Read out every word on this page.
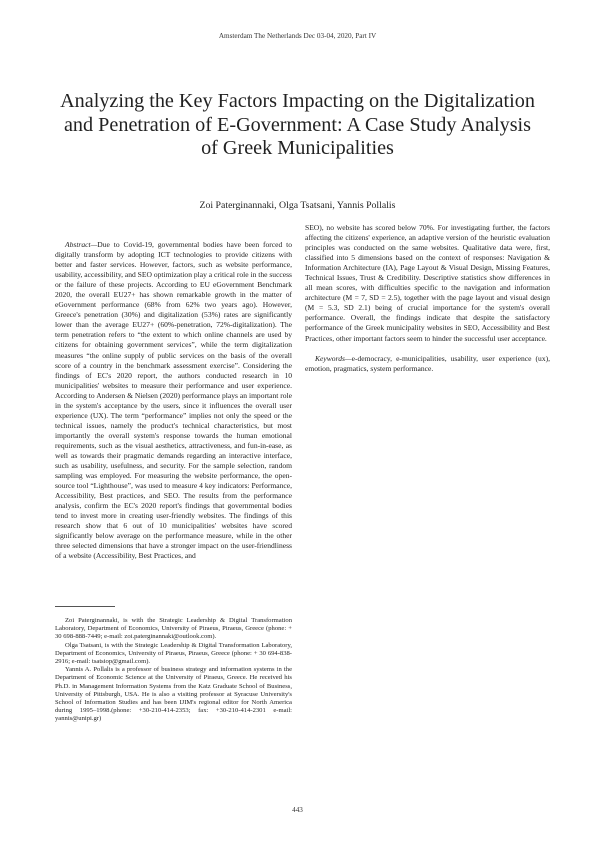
Amsterdam The Netherlands Dec 03-04, 2020, Part IV
Analyzing the Key Factors Impacting on the Digitalization and Penetration of E-Government: A Case Study Analysis of Greek Municipalities
Zoi Paterginannaki, Olga Tsatsani, Yannis Pollalis

Abstract—Due to Covid-19, governmental bodies have been forced to digitally transform by adopting ICT technologies to provide citizens with better and faster services. However, factors, such as website performance, usability, accessibility, and SEO optimization play a critical role in the success or the failure of these projects. According to EU eGovernment Benchmark 2020, the overall EU27+ has shown remarkable growth in the matter of eGovernment performance (68% from 62% two years ago). However, Greece's penetration (30%) and digitalization (53%) rates are significantly lower than the average EU27+ (60%-penetration, 72%-digitalization). The term penetration refers to “the extent to which online channels are used by citizens for obtaining government services”, while the term digitalization measures “the online supply of public services on the basis of the overall score of a country in the benchmark assessment exercise”. Considering the findings of EC's 2020 report, the authors conducted research in 10 municipalities' websites to measure their performance and user experience. According to Andersen & Nielsen (2020) performance plays an important role in the system's acceptance by the users, since it influences the overall user experience (UX). The term “performance” implies not only the speed or the technical issues, namely the product's technical characteristics, but most importantly the overall system's response towards the human emotional requirements, such as the visual aesthetics, attractiveness, and fun-in-ease, as well as towards their pragmatic demands regarding an interactive interface, such as usability, usefulness, and security. For the sample selection, random sampling was employed. For measuring the website performance, the open-source tool “Lighthouse”, was used to measure 4 key indicators: Performance, Accessibility, Best practices, and SEO. The results from the performance analysis, confirm the EC's 2020 report's findings that governmental bodies tend to invest more in creating user-friendly websites. The findings of this research show that 6 out of 10 municipalities' websites have scored significantly below average on the performance measure, while in the other three selected dimensions that have a stronger impact on the user-friendliness of a website (Accessibility, Best Practices, and

SEO), no website has scored below 70%. For investigating further, the factors affecting the citizens' experience, an adaptive version of the heuristic evaluation principles was conducted on the same websites. Qualitative data were, first, classified into 5 dimensions based on the context of responses: Navigation & Information Architecture (IA), Page Layout & Visual Design, Missing Features, Technical Issues, Trust & Credibility. Descriptive statistics show differences in all mean scores, with difficulties specific to the navigation and information architecture (M = 7, SD = 2.5), together with the page layout and visual design (M = 5.3, SD 2.1) being of crucial importance for the system's overall performance. Overall, the findings indicate that despite the satisfactory performance of the Greek municipality websites in SEO, Accessibility and Best Practices, other important factors seem to hinder the successful user acceptance.

Keywords—e-democracy, e-municipalities, usability, user experience (ux), emotion, pragmatics, system performance.

Zoi Paterginannaki, is with the Strategic Leadership & Digital Transformation Laboratory, Department of Economics, University of Piraeus, Piraeus, Greece (phone: + 30 698-888-7449; e-mail: zoi.paterginannaki@outlook.com).

Olga Tsatsani, is with the Strategic Leadership & Digital Transformation Laboratory, Department of Economics, University of Piraeus, Piraeus, Greece (phone: + 30 694-838-2916; e-mail: tsatsiop@gmail.com).

Yannis A. Pollalis is a professor of business strategy and information systems in the Department of Economic Science at the University of Piraeus, Greece. He received his Ph.D. in Management Information Systems from the Katz Graduate School of Business, University of Pittsburgh, USA. He is also a visiting professor at Syracuse University's School of Information Studies and has been IJIM's regional editor for North America during 1995–1998.(phone: +30-210-414-2353; fax: +30-210-414-2301 e-mail: yannis@unipi.gr)

443
